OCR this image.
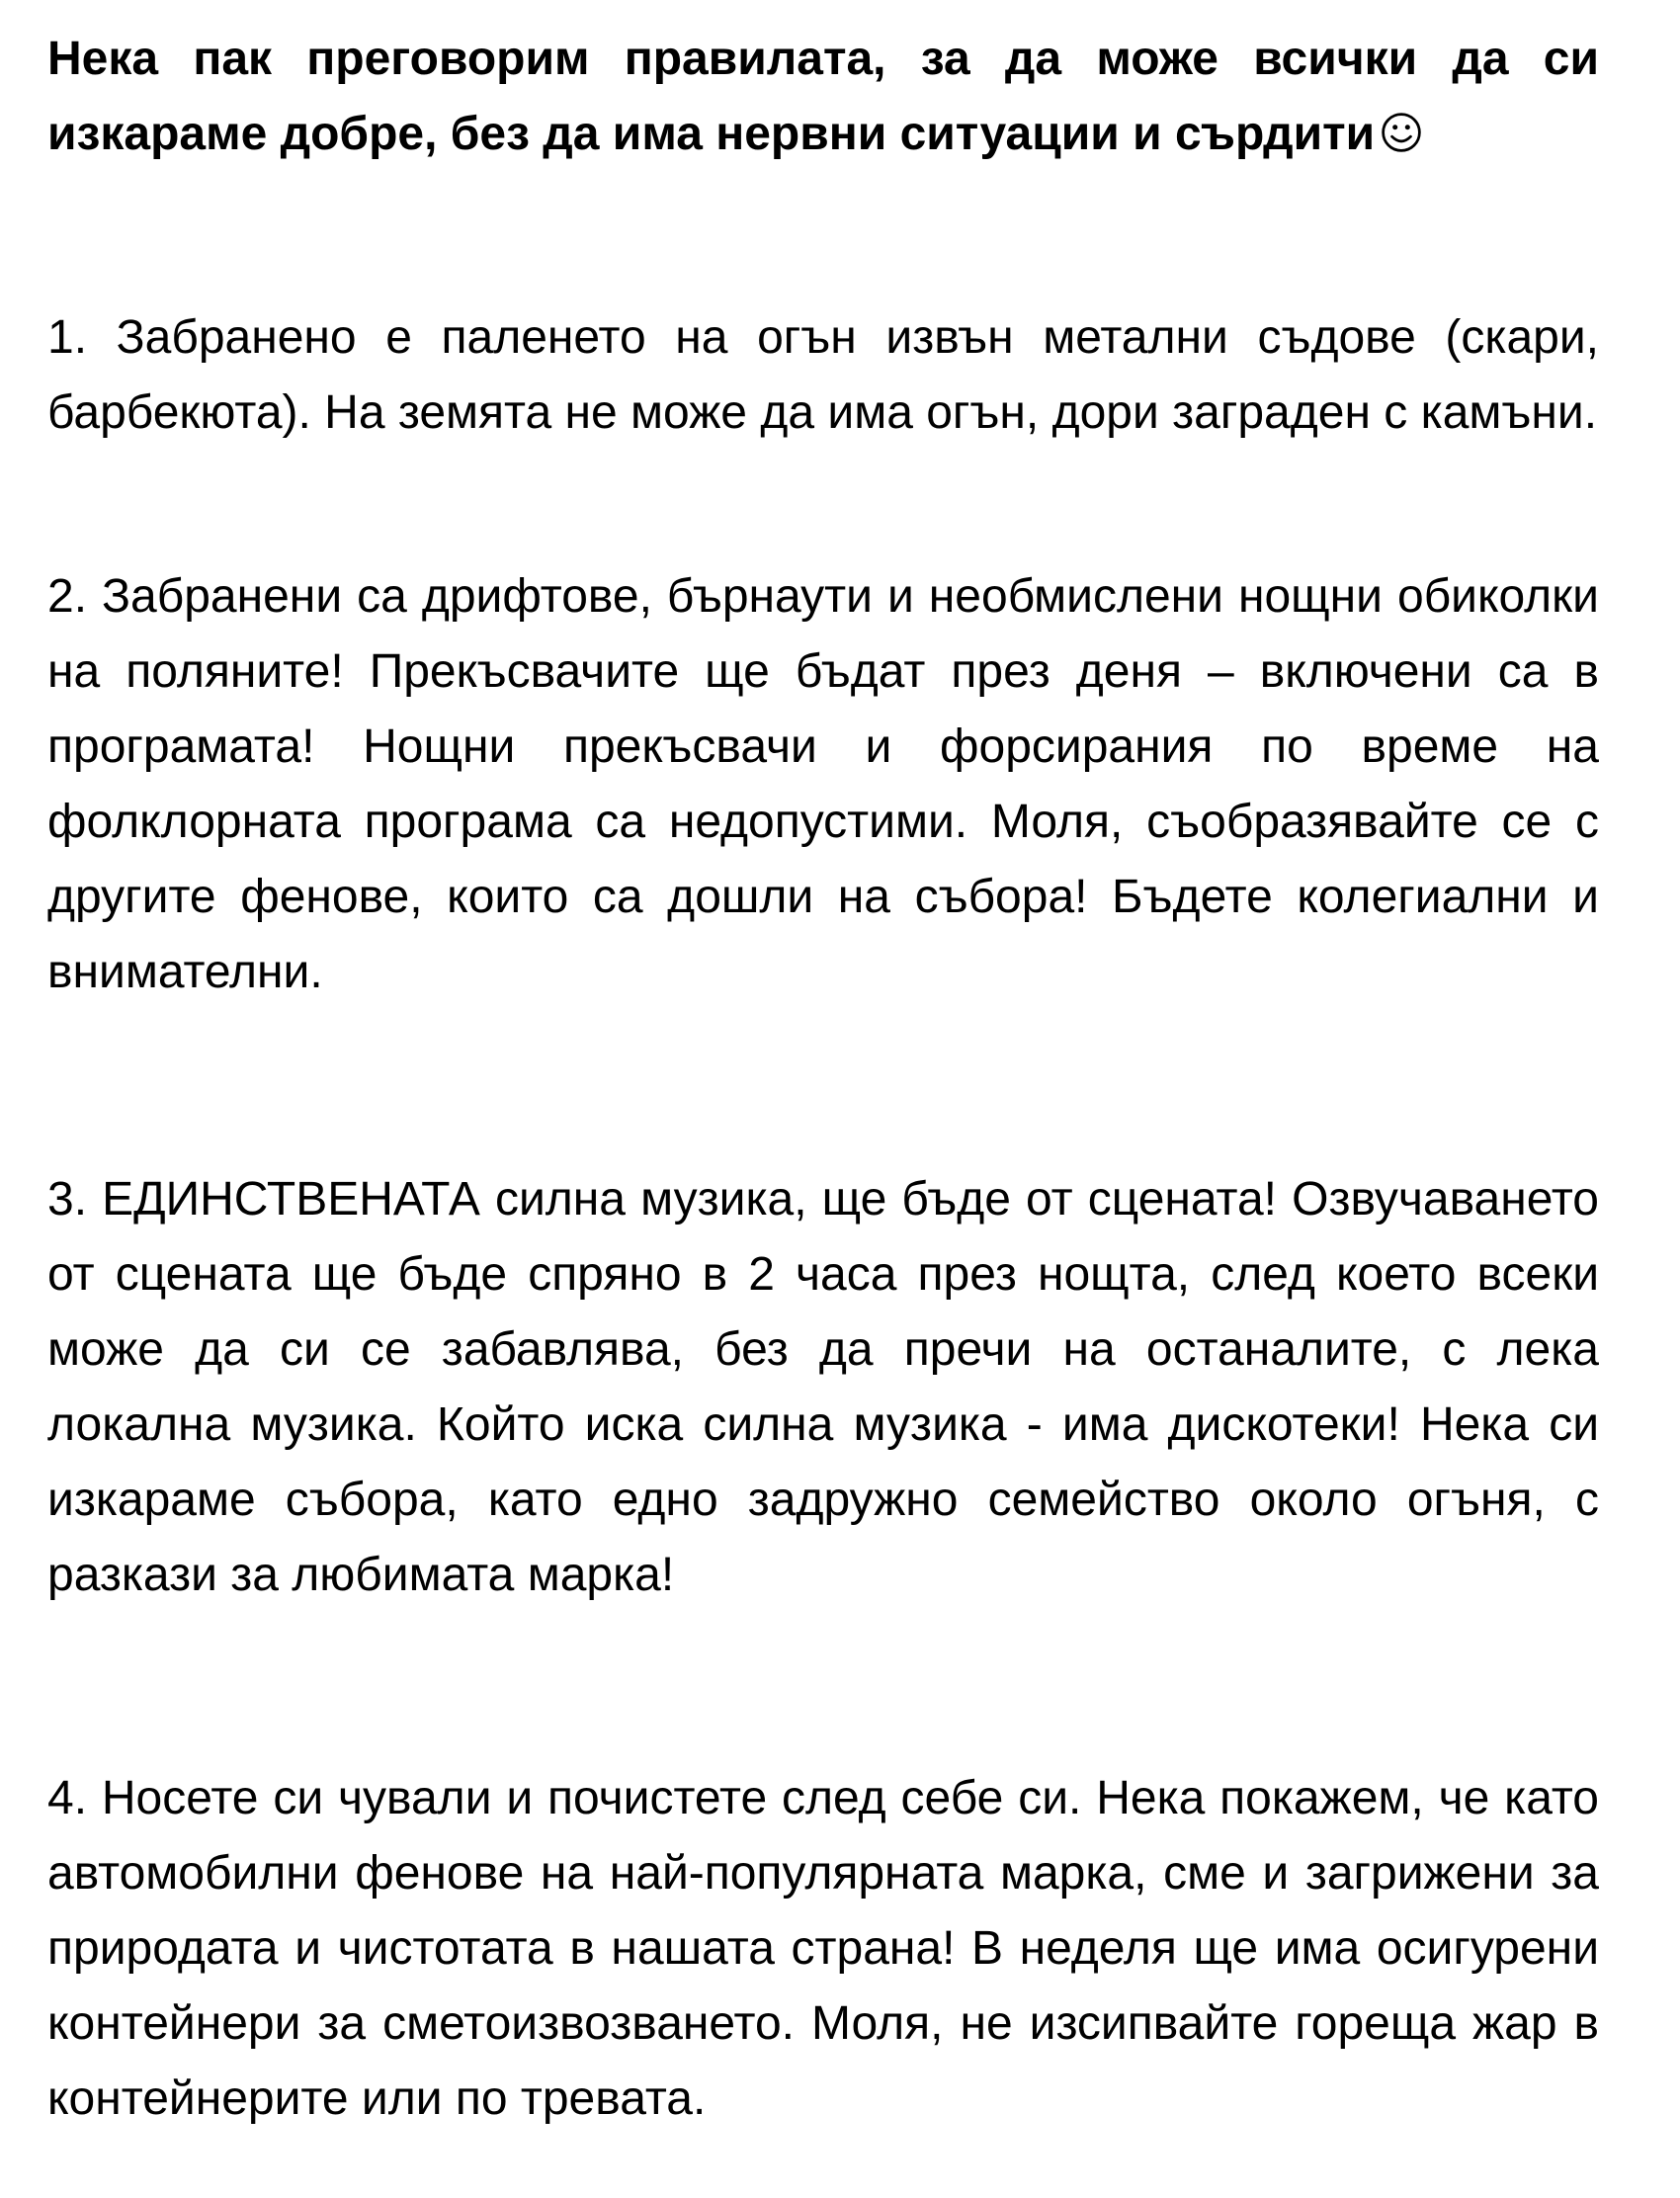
Нека пак преговорим правилата, за да може всички да си изкараме добре, без да има нервни ситуации и сърдити

1. Забранено е паленето на огън извън метални съдове (скари, барбекюта). На земята не може да има огън, дори заграден с камъни.

2. Забранени са дрифтове, бърнаути и необмислени нощни обиколки на поляните! Прекъсвачите ще бъдат през деня – включени са в програмата! Нощни прекъсвачи и форсирания по време на фолклорната програма са недопустими. Моля, съобразявайте се с другите фенове, които са дошли на събора! Бъдете колегиални и внимателни.

3. ЕДИНСТВЕНАТА силна музика, ще бъде от сцената! Озвучаването от сцената ще бъде спряно в 2 часа през нощта, след което всеки може да си се забавлява, без да пречи на останалите, с лека локална музика. Който иска силна музика - има дискотеки! Нека си изкараме събора, като едно задружно семейство около огъня, с разкази за любимата марка!

4. Носете си чували и почистете след себе си. Нека покажем, че като автомобилни фенове на най-популярната марка, сме и загрижени за природата и чистотата в нашата страна! В неделя ще има осигурени контейнери за сметоизвозването. Моля, не изсипвайте гореща жар в контейнерите или по тревата.
